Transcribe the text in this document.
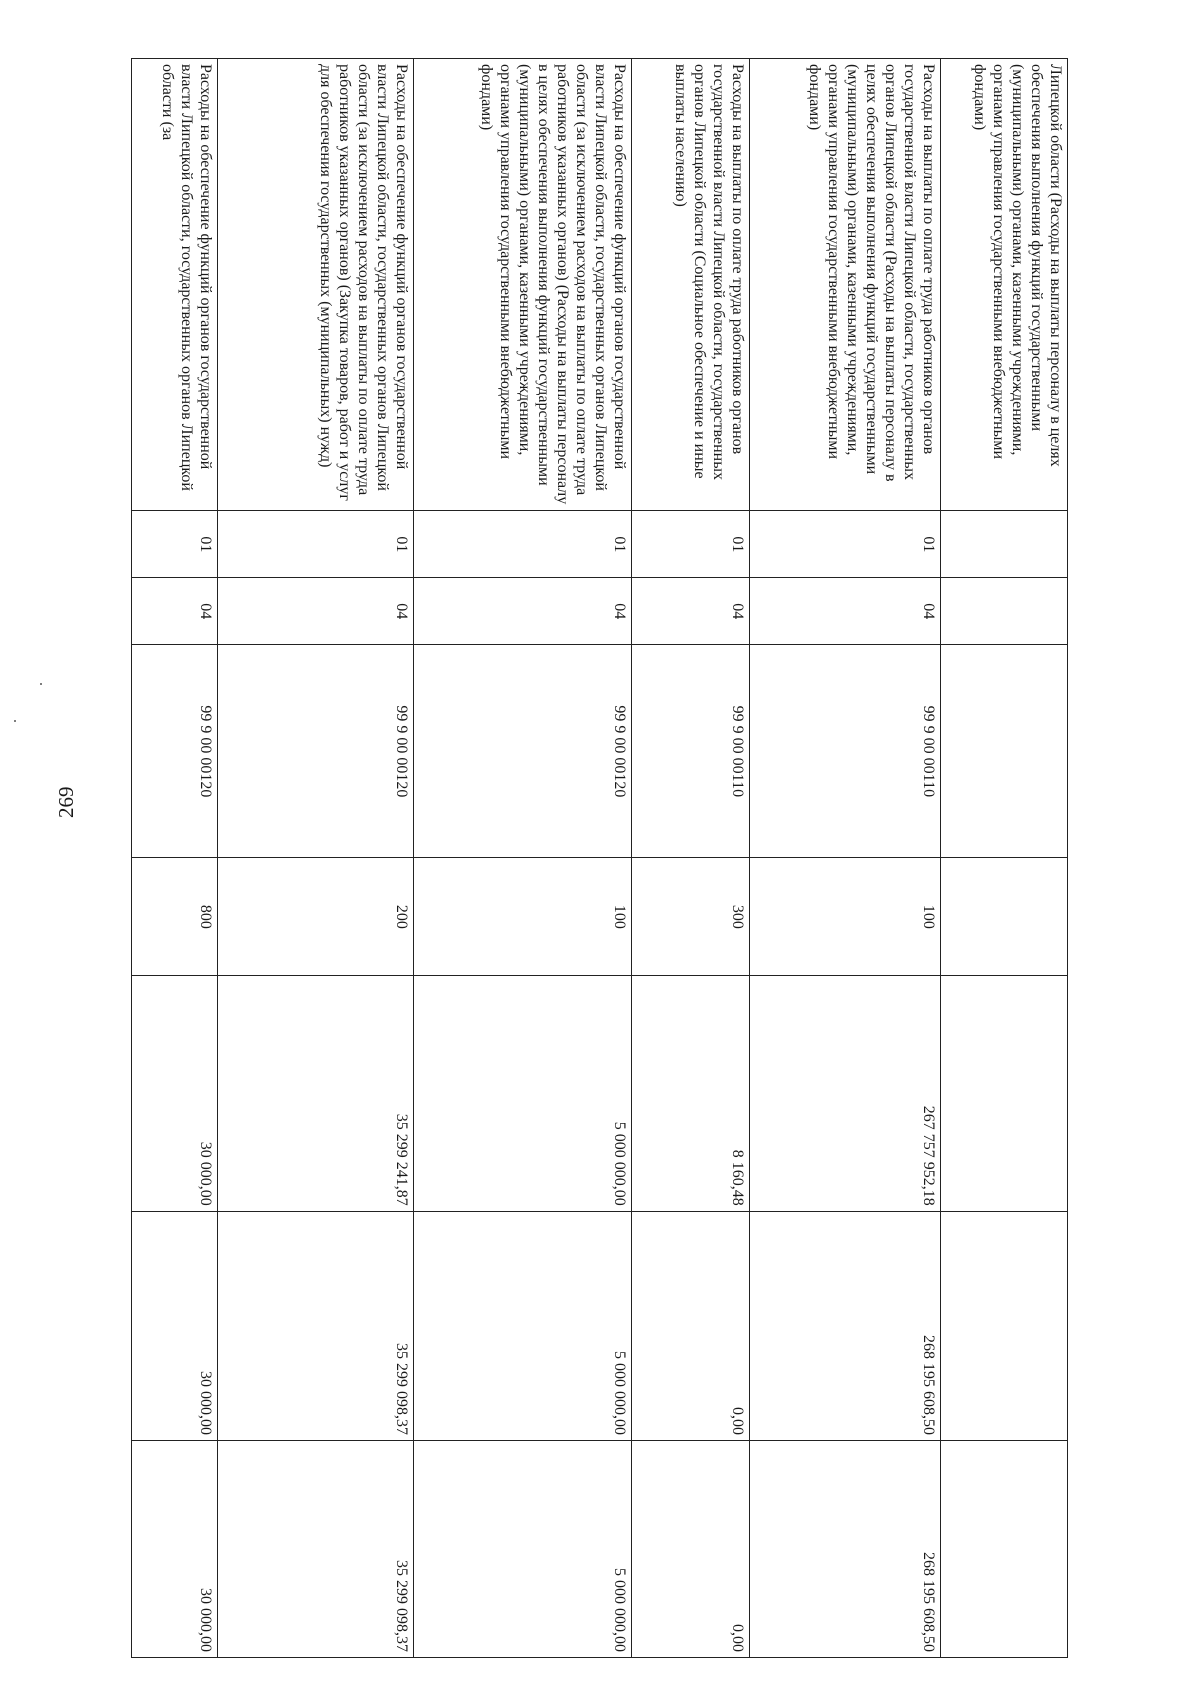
269
Липецкой области (Расходы на выплаты персоналу в целях обеспечения выполнения функций государственными (муниципальными) органами, казенными учреждениями, органами управления государственными внебюджетными фондами)							
Расходы на выплаты по оплате труда работников органов государственной власти Липецкой области, государственных органов Липецкой области (Расходы на выплаты персоналу в целях обеспечения выполнения функций государственными (муниципальными) органами, казенными учреждениями, органами управления государственными внебюджетными фондами)	01	04	99 9 00 00110	100	267 757 952,18	268 195 608,50	268 195 608,50
Расходы на выплаты по оплате труда работников органов государственной власти Липецкой области, государственных органов Липецкой области (Социальное обеспечение и иные выплаты населению)	01	04	99 9 00 00110	300	8 160,48	0,00	0,00
Расходы на обеспечение функций органов государственной власти Липецкой области, государственных органов Липецкой области (за исключением расходов на выплаты по оплате труда работников указанных органов) (Расходы на выплаты персоналу в целях обеспечения выполнения функций государственными (муниципальными) органами, казенными учреждениями, органами управления государственными внебюджетными фондами)	01	04	99 9 00 00120	100	5 000 000,00	5 000 000,00	5 000 000,00
Расходы на обеспечение функций органов государственной власти Липецкой области, государственных органов Липецкой области (за исключением расходов на выплаты по оплате труда работников указанных органов) (Закупка товаров, работ и услуг для обеспечения государственных (муниципальных) нужд)	01	04	99 9 00 00120	200	35 299 241,87	35 299 098,37	35 299 098,37
Расходы на обеспечение функций органов государственной власти Липецкой области, государственных органов Липецкой области (за	01	04	99 9 00 00120	800	30 000,00	30 000,00	30 000,00
